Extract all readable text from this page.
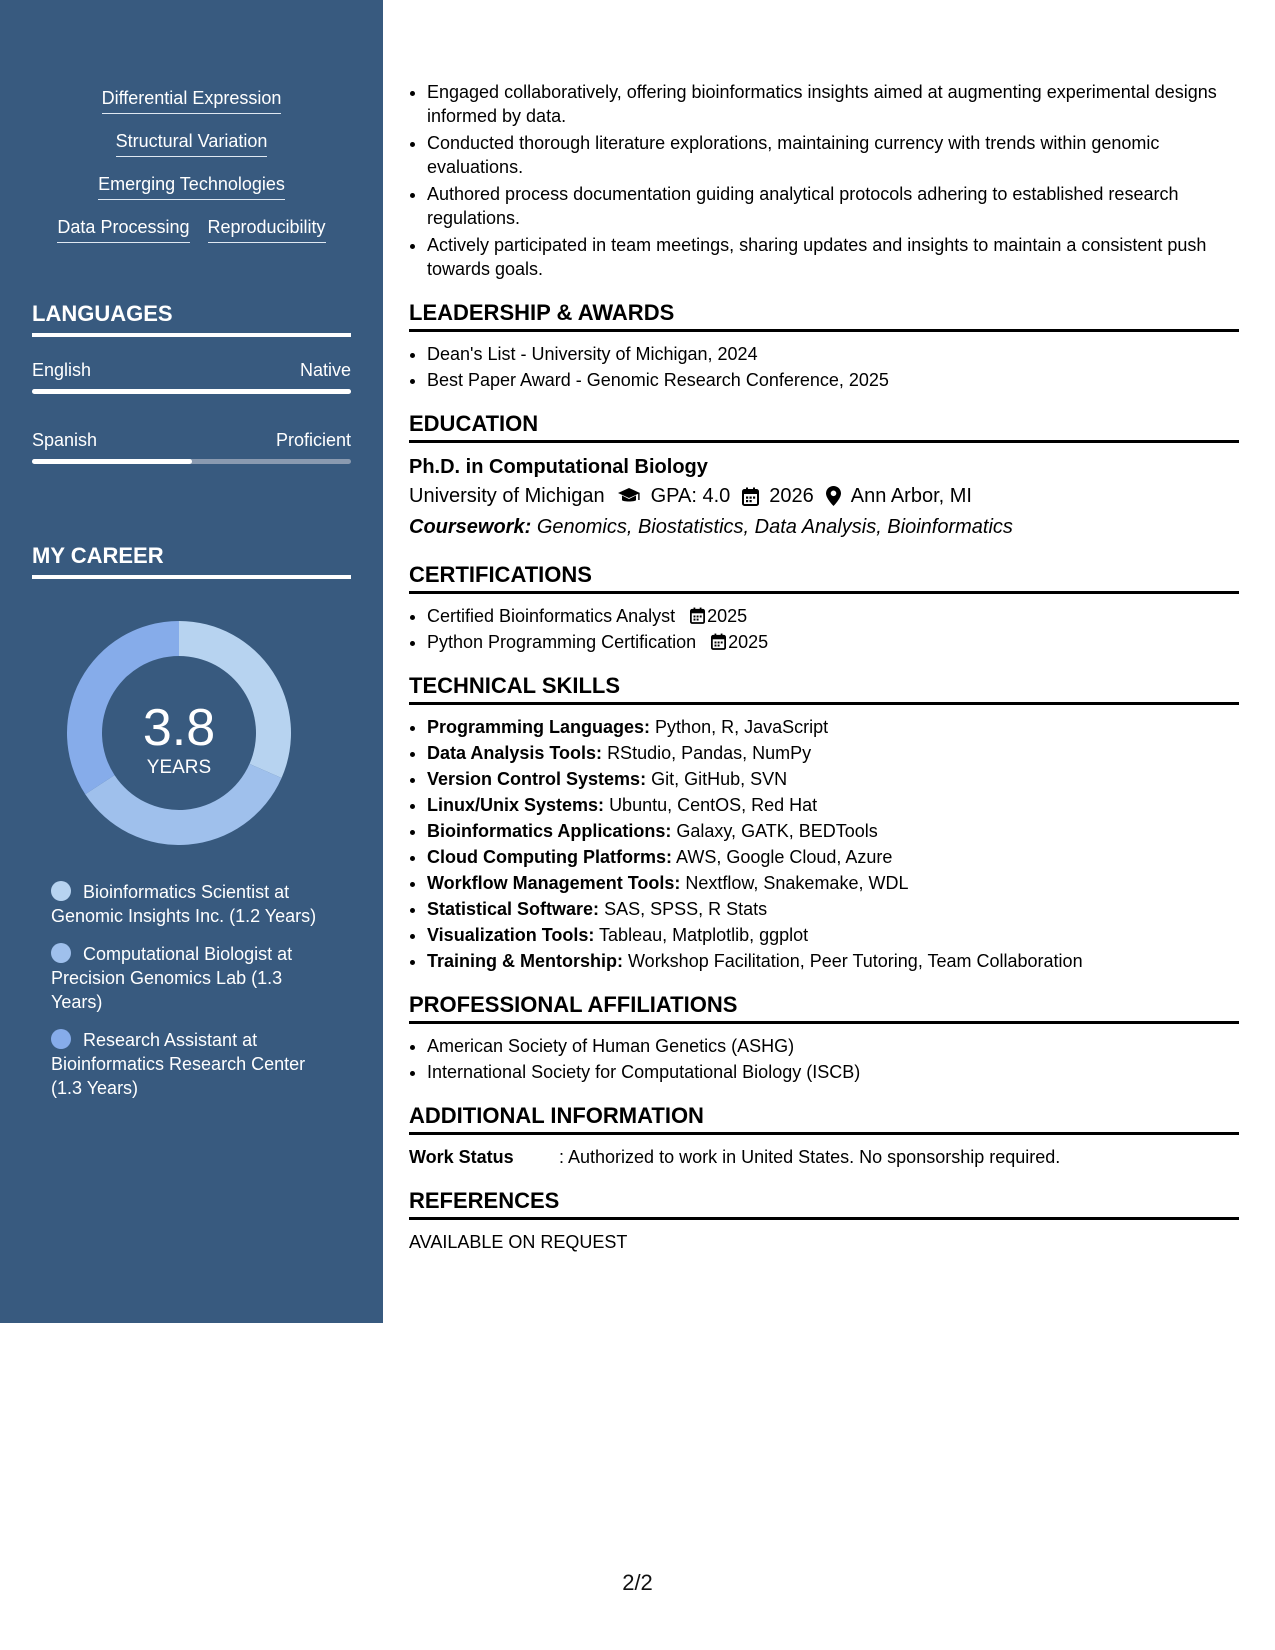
Differential Expression
Structural Variation
Emerging Technologies
Data Processing Reproducibility
LANGUAGES
English	Native
Spanish	Proficient
MY CAREER
3.8
YEARS
Bioinformatics Scientist at Genomic Insights Inc. (1.2 Years)
Computational Biologist at Precision Genomics Lab (1.3 Years)
Research Assistant at Bioinformatics Research Center (1.3 Years)
• Engaged collaboratively, offering bioinformatics insights aimed at augmenting experimental designs informed by data.
• Conducted thorough literature explorations, maintaining currency with trends within genomic evaluations.
• Authored process documentation guiding analytical protocols adhering to established research regulations.
• Actively participated in team meetings, sharing updates and insights to maintain a consistent push towards goals.
LEADERSHIP & AWARDS
• Dean's List - University of Michigan, 2024
• Best Paper Award - Genomic Research Conference, 2025
EDUCATION
Ph.D. in Computational Biology
University of Michigan GPA: 4.0 2026 Ann Arbor, MI
Coursework: Genomics, Biostatistics, Data Analysis, Bioinformatics
CERTIFICATIONS
• Certified Bioinformatics Analyst 2025
• Python Programming Certification 2025
TECHNICAL SKILLS
• Programming Languages: Python, R, JavaScript
• Data Analysis Tools: RStudio, Pandas, NumPy
• Version Control Systems: Git, GitHub, SVN
• Linux/Unix Systems: Ubuntu, CentOS, Red Hat
• Bioinformatics Applications: Galaxy, GATK, BEDTools
• Cloud Computing Platforms: AWS, Google Cloud, Azure
• Workflow Management Tools: Nextflow, Snakemake, WDL
• Statistical Software: SAS, SPSS, R Stats
• Visualization Tools: Tableau, Matplotlib, ggplot
• Training & Mentorship: Workshop Facilitation, Peer Tutoring, Team Collaboration
PROFESSIONAL AFFILIATIONS
• American Society of Human Genetics (ASHG)
• International Society for Computational Biology (ISCB)
ADDITIONAL INFORMATION
Work Status	: Authorized to work in United States. No sponsorship required.
REFERENCES
AVAILABLE ON REQUEST
2/2
